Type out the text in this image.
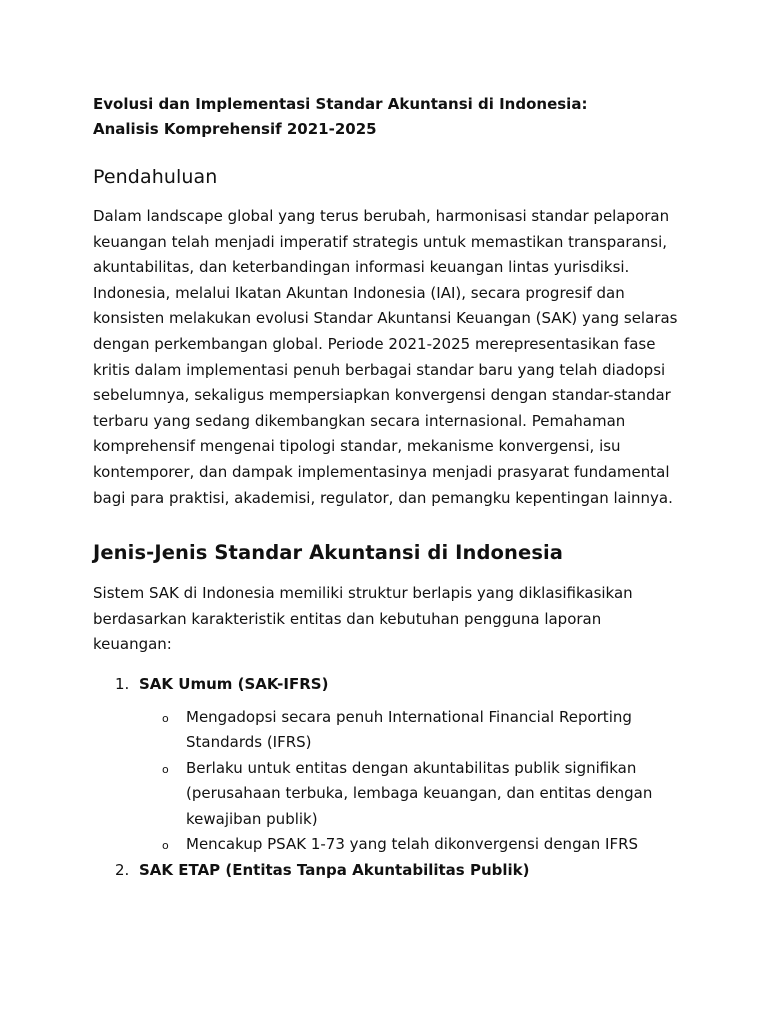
Evolusi dan Implementasi Standar Akuntansi di Indonesia:
Analisis Komprehensif 2021-2025
Pendahuluan

Dalam landscape global yang terus berubah, harmonisasi standar pelaporan keuangan telah menjadi imperatif strategis untuk memastikan transparansi, akuntabilitas, dan keterbandingan informasi keuangan lintas yurisdiksi. Indonesia, melalui Ikatan Akuntan Indonesia (IAI), secara progresif dan konsisten melakukan evolusi Standar Akuntansi Keuangan (SAK) yang selaras dengan perkembangan global. Periode 2021-2025 merepresentasikan fase kritis dalam implementasi penuh berbagai standar baru yang telah diadopsi sebelumnya, sekaligus mempersiapkan konvergensi dengan standar-standar terbaru yang sedang dikembangkan secara internasional. Pemahaman komprehensif mengenai tipologi standar, mekanisme konvergensi, isu kontemporer, dan dampak implementasinya menjadi prasyarat fundamental bagi para praktisi, akademisi, regulator, dan pemangku kepentingan lainnya.

Jenis-Jenis Standar Akuntansi di Indonesia

Sistem SAK di Indonesia memiliki struktur berlapis yang diklasifikasikan berdasarkan karakteristik entitas dan kebutuhan pengguna laporan keuangan:

1. SAK Umum (SAK-IFRS)
o Mengadopsi secara penuh International Financial Reporting Standards (IFRS)
o Berlaku untuk entitas dengan akuntabilitas publik signifikan (perusahaan terbuka, lembaga keuangan, dan entitas dengan kewajiban publik)
o Mencakup PSAK 1-73 yang telah dikonvergensi dengan IFRS
2. SAK ETAP (Entitas Tanpa Akuntabilitas Publik)
